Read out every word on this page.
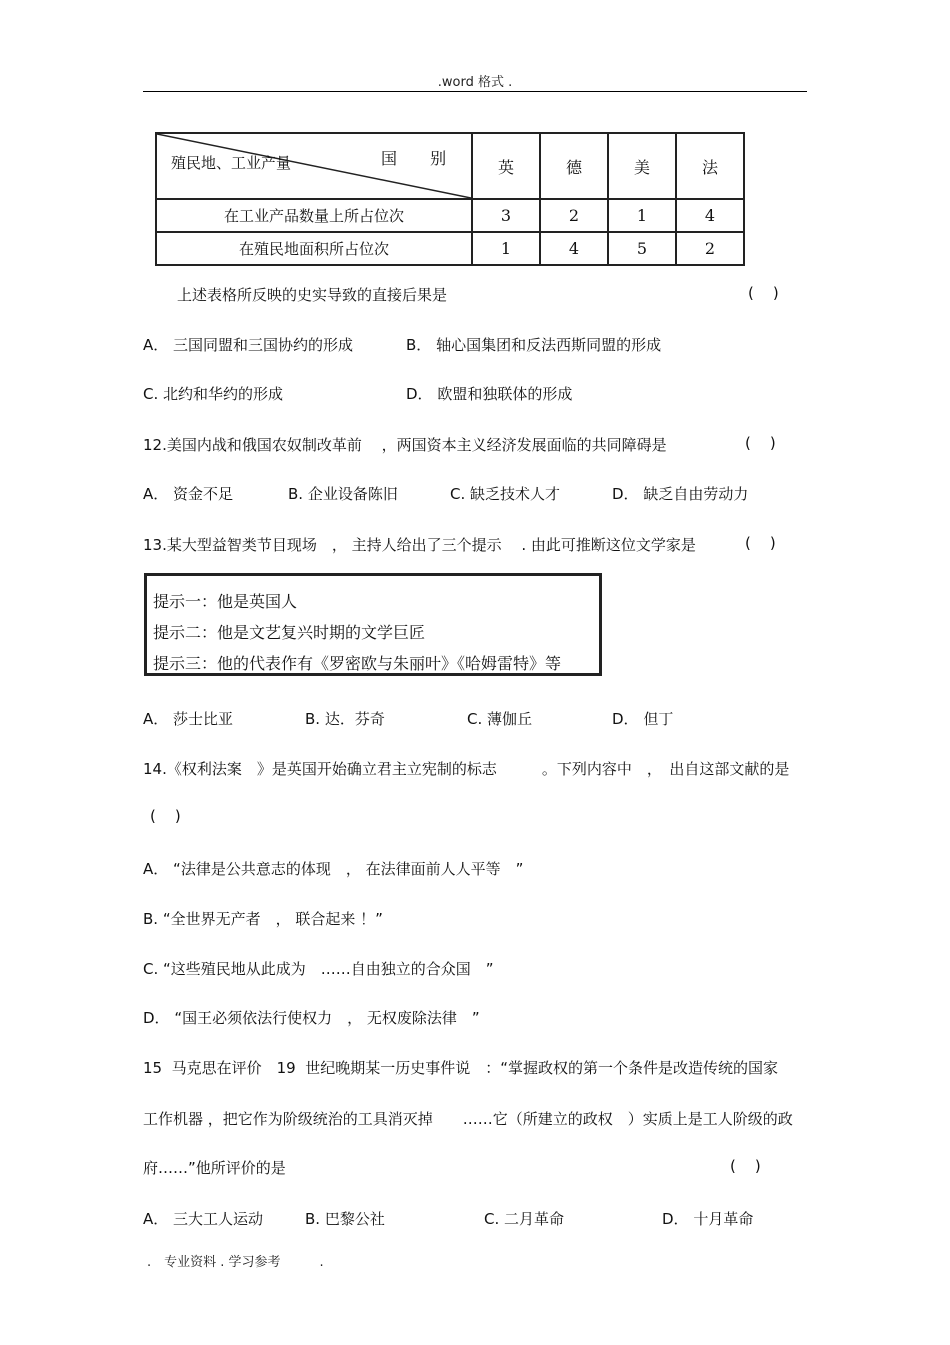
.word 格式 .
国 别
殖民地、工业产量	英	德	美	法
在工业产品数量上所占位次	3	2	1	4
在殖民地面积所占位次	1	4	5	2
上述表格所反映的史实导致的直接后果是	(    )
A． 三国同盟和三国协约的形成	B． 轴心国集团和反法西斯同盟的形成
C. 北约和华约的形成	D． 欧盟和独联体的形成
12.美国内战和俄国农奴制改革前　 ，两国资本主义经济发展面临的共同障碍是	(    )
A． 资金不足	B. 企业设备陈旧	C. 缺乏技术人才	D． 缺乏自由劳动力
13.某大型益智类节目现场　， 主持人给出了三个提示　 . 由此可推断这位文学家是	(    )
提示一：他是英国人
提示二：他是文艺复兴时期的文学巨匠
提示三：他的代表作有《罗密欧与朱丽叶》《哈姆雷特》等
A． 莎士比亚	B. 达．芬奇	C. 薄伽丘	D． 但丁
14.《权利法案　》是英国开始确立君主立宪制的标志　　　。下列内容中　，　出自这部文献的是
(    )
A． “法律是公共意志的体现　， 在法律面前人人平等　”
B. “全世界无产者　， 联合起来 ！”
C. “这些殖民地从此成为　……自由独立的合众国　”
D． “国王必须依法行使权力　， 无权废除法律　”
15  马克思在评价　19  世纪晚期某一历史事件说　：“掌握政权的第一个条件是改造传统的国家
工作机器 ，把它作为阶级统治的工具消灭掉　　……它（所建立的政权　）实质上是工人阶级的政
府……”他所评价的是	(    )
A． 三大工人运动	B. 巴黎公社	C. 二月革命	D． 十月革命
.　专业资料 . 学习参考　　　.
